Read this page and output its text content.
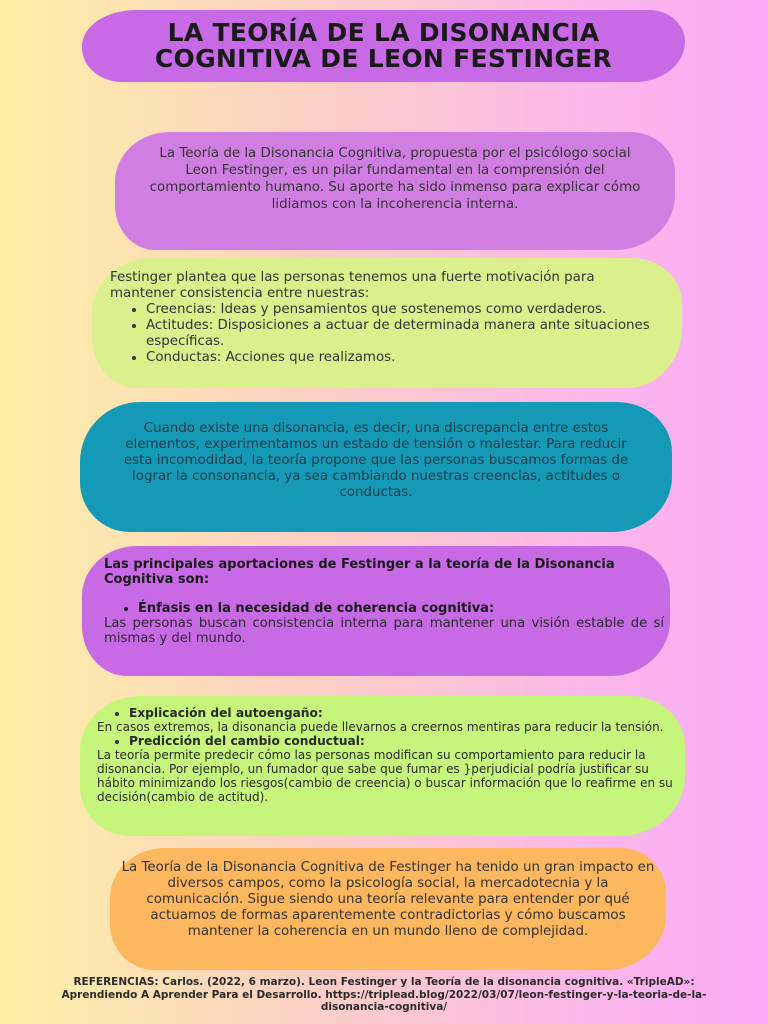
LA TEORÍA DE LA DISONANCIA
COGNITIVA DE LEON FESTINGER

La Teoría de la Disonancia Cognitiva, propuesta por el psicólogo social Leon Festinger, es un pilar fundamental en la comprensión del comportamiento humano. Su aporte ha sido inmenso para explicar cómo lidiamos con la incoherencia interna.

Festinger plantea que las personas tenemos una fuerte motivación para mantener consistencia entre nuestras:

• Creencias: Ideas y pensamientos que sostenemos como verdaderos.
• Actitudes: Disposiciones a actuar de determinada manera ante situaciones específicas.
• Conductas: Acciones que realizamos.

Cuando existe una disonancia, es decir, una discrepancia entre estos elementos, experimentamos un estado de tensión o malestar. Para reducir esta incomodidad, la teoría propone que las personas buscamos formas de lograr la consonancia, ya sea cambiando nuestras creencias, actitudes o conductas.

Las principales aportaciones de Festinger a la teoría de la Disonancia Cognitiva son:

• Énfasis en la necesidad de coherencia cognitiva:

Las personas buscan consistencia interna para mantener una visión estable de sí mismas y del mundo.

• Explicación del autoengaño:

En casos extremos, la disonancia puede llevarnos a creernos mentiras para reducir la tensión.

• Predicción del cambio conductual:

La teoría permite predecir cómo las personas modifican su comportamiento para reducir la disonancia. Por ejemplo, un fumador que sabe que fumar es }perjudicial podría justificar su hábito minimizando los riesgos(cambio de creencia) o buscar información que lo reafirme en su decisión(cambio de actitud).

La Teoría de la Disonancia Cognitiva de Festinger ha tenido un gran impacto en diversos campos, como la psicología social, la mercadotecnia y la comunicación. Sigue siendo una teoría relevante para entender por qué actuamos de formas aparentemente contradictorias y cómo buscamos mantener la coherencia en un mundo lleno de complejidad.

REFERENCIAS: Carlos. (2022, 6 marzo). Leon Festinger y la Teoría de la disonancia cognitiva. «TripleAD»: Aprendiendo A Aprender Para el Desarrollo. https://triplead.blog/2022/03/07/leon-festinger-y-la-teoria-de-la-disonancia-cognitiva/
